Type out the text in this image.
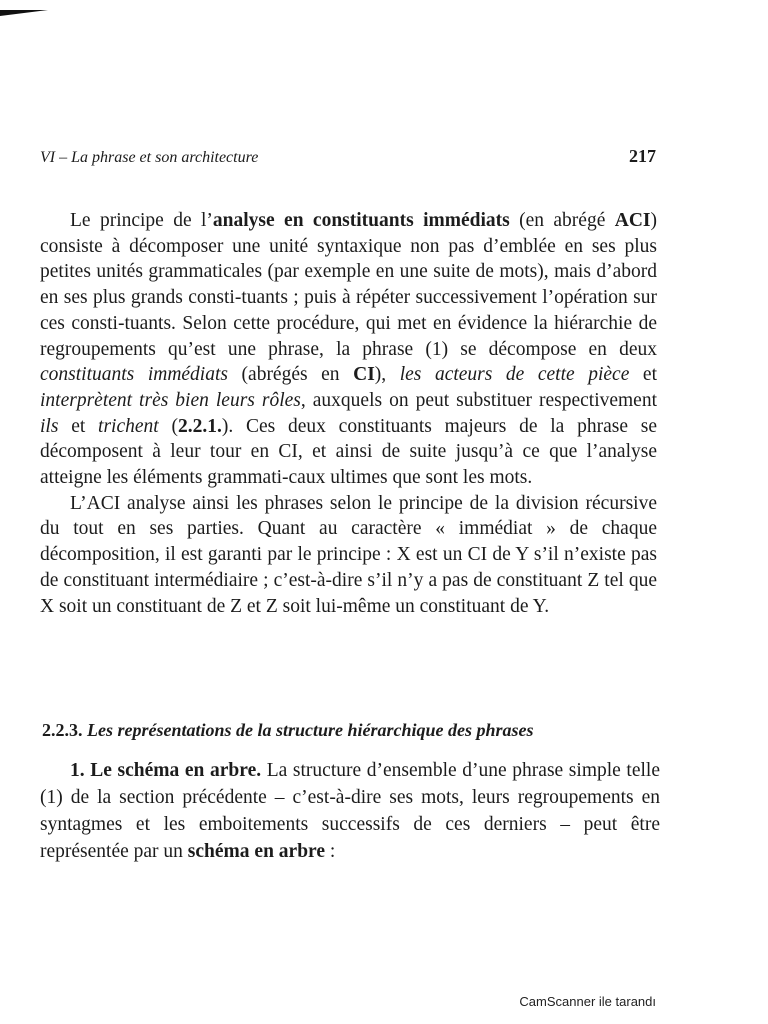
VI – La phrase et son architecture	217

Le principe de l’analyse en constituants immédiats (en abrégé ACI) consiste à décomposer une unité syntaxique non pas d’emblée en ses plus petites unités grammaticales (par exemple en une suite de mots), mais d’abord en ses plus grands consti-tuants ; puis à répéter successivement l’opération sur ces consti-tuants. Selon cette procédure, qui met en évidence la hiérarchie de regroupements qu’est une phrase, la phrase (1) se décompose en deux constituants immédiats (abrégés en CI), les acteurs de cette pièce et interprètent très bien leurs rôles, auxquels on peut substituer respectivement ils et trichent (2.2.1.). Ces deux constituants majeurs de la phrase se décomposent à leur tour en CI, et ainsi de suite jusqu’à ce que l’analyse atteigne les éléments grammati-caux ultimes que sont les mots.

L’ACI analyse ainsi les phrases selon le principe de la division récursive du tout en ses parties. Quant au caractère « immédiat » de chaque décomposition, il est garanti par le principe : X est un CI de Y s’il n’existe pas de constituant intermédiaire ; c’est-à-dire s’il n’y a pas de constituant Z tel que X soit un constituant de Z et Z soit lui-même un constituant de Y.

2.2.3. Les représentations de la structure hiérarchique des phrases

1. Le schéma en arbre. La structure d’ensemble d’une phrase simple telle (1) de la section précédente – c’est-à-dire ses mots, leurs regroupements en syntagmes et les emboitements successifs de ces derniers – peut être représentée par un schéma en arbre :

CamScanner ile tarandı
